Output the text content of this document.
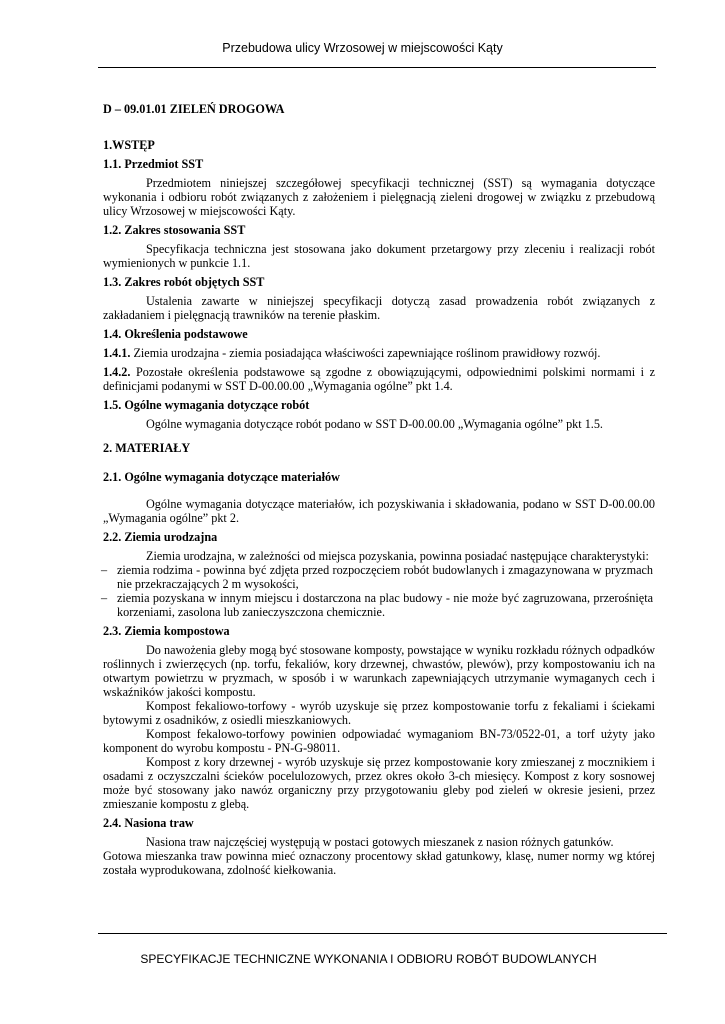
Przebudowa ulicy Wrzosowej w miejscowości Kąty

D – 09.01.01 ZIELEŃ DROGOWA

1.WSTĘP

1.1. Przedmiot SST

Przedmiotem niniejszej szczegółowej specyfikacji technicznej (SST) są wymagania dotyczące wykonania i odbioru robót związanych z założeniem i pielęgnacją zieleni drogowej w związku z przebudową ulicy Wrzosowej w miejscowości Kąty.

1.2. Zakres stosowania SST

Specyfikacja techniczna jest stosowana jako dokument przetargowy przy zleceniu i realizacji robót wymienionych w punkcie 1.1.

1.3. Zakres robót objętych SST

Ustalenia zawarte w niniejszej specyfikacji dotyczą zasad prowadzenia robót związanych z zakładaniem i pielęgnacją trawników na terenie płaskim.

1.4. Określenia podstawowe

1.4.1. Ziemia urodzajna - ziemia posiadająca właściwości zapewniające roślinom prawidłowy rozwój.

1.4.2. Pozostałe określenia podstawowe są zgodne z obowiązującymi, odpowiednimi polskimi normami i z definicjami podanymi w SST D-00.00.00 „Wymagania ogólne” pkt 1.4.

1.5. Ogólne wymagania dotyczące robót

Ogólne wymagania dotyczące robót podano w SST D-00.00.00 „Wymagania ogólne” pkt 1.5.

2. MATERIAŁY

2.1. Ogólne wymagania dotyczące materiałów

Ogólne wymagania dotyczące materiałów, ich pozyskiwania i składowania, podano w SST D-00.00.00 „Wymagania ogólne” pkt 2.

2.2. Ziemia urodzajna

Ziemia urodzajna, w zależności od miejsca pozyskania, powinna posiadać następujące charakterystyki:

– ziemia rodzima - powinna być zdjęta przed rozpoczęciem robót budowlanych i zmagazynowana w pryzmach nie przekraczających 2 m wysokości,

– ziemia pozyskana w innym miejscu i dostarczona na plac budowy - nie może być zagruzowana, przerośnięta korzeniami, zasolona lub zanieczyszczona chemicznie.

2.3. Ziemia kompostowa

Do nawożenia gleby mogą być stosowane komposty, powstające w wyniku rozkładu różnych odpadków roślinnych i zwierzęcych (np. torfu, fekaliów, kory drzewnej, chwastów, plewów), przy kompostowaniu ich na otwartym powietrzu w pryzmach, w sposób i w warunkach zapewniających utrzymanie wymaganych cech i wskaźników jakości kompostu.

Kompost fekaliowo-torfowy - wyrób uzyskuje się przez kompostowanie torfu z fekaliami i ściekami bytowymi z osadników, z osiedli mieszkaniowych.

Kompost fekalowo-torfowy powinien odpowiadać wymaganiom BN-73/0522-01, a torf użyty jako komponent do wyrobu kompostu - PN-G-98011.

Kompost z kory drzewnej - wyrób uzyskuje się przez kompostowanie kory zmieszanej z mocznikiem i osadami z oczyszczalni ścieków pocelulozowych, przez okres około 3-ch miesięcy. Kompost z kory sosnowej może być stosowany jako nawóz organiczny przy przygotowaniu gleby pod zieleń w okresie jesieni, przez zmieszanie kompostu z glebą.

2.4. Nasiona traw

Nasiona traw najczęściej występują w postaci gotowych mieszanek z nasion różnych gatunków.

Gotowa mieszanka traw powinna mieć oznaczony procentowy skład gatunkowy, klasę, numer normy wg której została wyprodukowana, zdolność kiełkowania.

SPECYFIKACJE TECHNICZNE WYKONANIA I ODBIORU ROBÓT BUDOWLANYCH
